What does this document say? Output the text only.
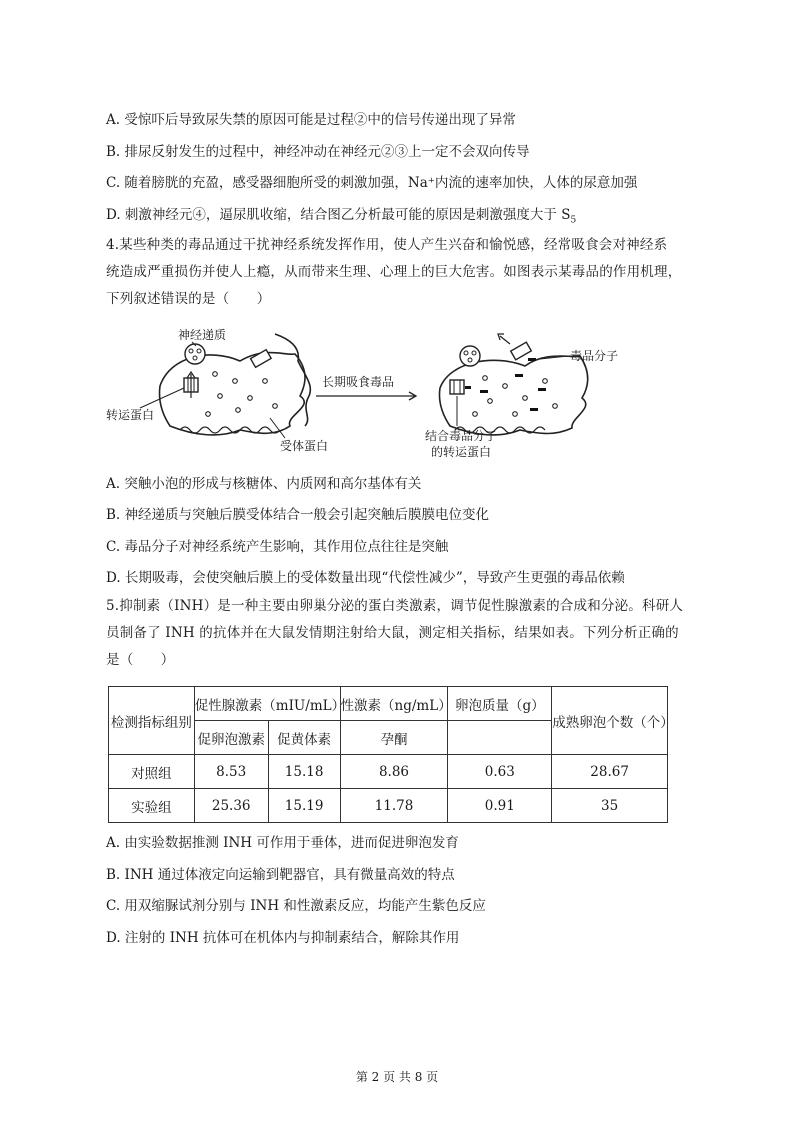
A. 受惊吓后导致尿失禁的原因可能是过程②中的信号传递出现了异常
B. 排尿反射发生的过程中，神经冲动在神经元②③上一定不会双向传导
C. 随着膀胱的充盈，感受器细胞所受的刺激加强，Na⁺内流的速率加快，人体的尿意加强
D. 刺激神经元④，逼尿肌收缩，结合图乙分析最可能的原因是刺激强度大于 $S_5$
4.某些种类的毒品通过干扰神经系统发挥作用，使人产生兴奋和愉悦感，经常吸食会对神经系
统造成严重损伤并使人上瘾，从而带来生理、心理上的巨大危害。如图表示某毒品的作用机理，
下列叙述错误的是（　　）
神经递质
转运蛋白
受体蛋白
长期吸食毒品
毒品分子
结合毒品分子
的转运蛋白
A. 突触小泡的形成与核糖体、内质网和高尔基体有关
B. 神经递质与突触后膜受体结合一般会引起突触后膜膜电位变化
C. 毒品分子对神经系统产生影响，其作用位点往往是突触
D. 长期吸毒，会使突触后膜上的受体数量出现“代偿性减少”，导致产生更强的毒品依赖
5.抑制素（INH）是一种主要由卵巢分泌的蛋白类激素，调节促性腺激素的合成和分泌。科研人
员制备了 INH 的抗体并在大鼠发情期注射给大鼠，测定相关指标，结果如表。下列分析正确的
是（　　）
检测指标组别	促性腺激素（mIU/mL）		性激素（ng/mL）	卵泡质量（g）	成熟卵泡个数（个）
	促卵泡激素	促黄体素	孕酮		
对照组	8.53	15.18	8.86	0.63	28.67
实验组	25.36	15.19	11.78	0.91	35
A. 由实验数据推测 INH 可作用于垂体，进而促进卵泡发育
B. INH 通过体液定向运输到靶器官，具有微量高效的特点
C. 用双缩脲试剂分别与 INH 和性激素反应，均能产生紫色反应
D. 注射的 INH 抗体可在机体内与抑制素结合，解除其作用
第 2 页 共 8 页
